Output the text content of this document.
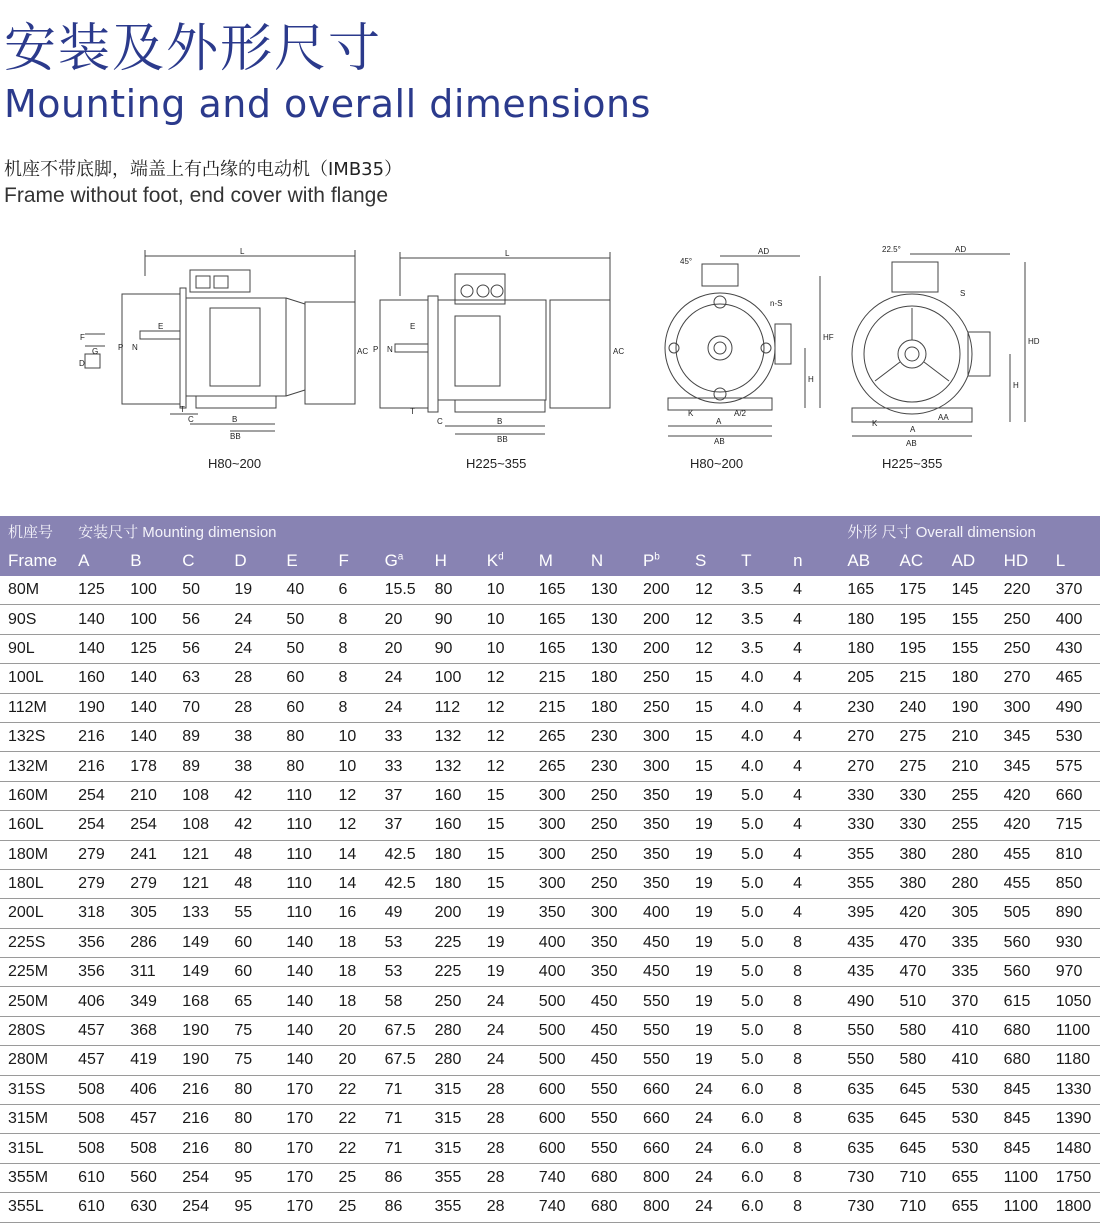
安装及外形尺寸
Mounting and overall dimensions
机座不带底脚，端盖上有凸缘的电动机（IMB35）
Frame without foot, end cover with flange
L
E
P N
F
G
D
C	B
BB
T
AC
L
E
P N
C	B
BB
T
AC
45°
AD
n-S
HF
H
K	A/2
A
AB
22.5°	AD
S
HD
H
K
A
AA
AB
H80~200	H225~355	H80~200	H225~355
机座号	安装尺寸 Mounting dimension															外形 尺寸 Overall dimension				
Frame	A	B	C	D	E	F	$G^a$	H	$K^d$	M	N	$P^b$	S	T	n	AB	AC	AD	HD	L
80M	125	100	50	19	40	6	15.5	80	10	165	130	200	12	3.5	4	165	175	145	220	370
90S	140	100	56	24	50	8	20	90	10	165	130	200	12	3.5	4	180	195	155	250	400
90L	140	125	56	24	50	8	20	90	10	165	130	200	12	3.5	4	180	195	155	250	430
100L	160	140	63	28	60	8	24	100	12	215	180	250	15	4.0	4	205	215	180	270	465
112M	190	140	70	28	60	8	24	112	12	215	180	250	15	4.0	4	230	240	190	300	490
132S	216	140	89	38	80	10	33	132	12	265	230	300	15	4.0	4	270	275	210	345	530
132M	216	178	89	38	80	10	33	132	12	265	230	300	15	4.0	4	270	275	210	345	575
160M	254	210	108	42	110	12	37	160	15	300	250	350	19	5.0	4	330	330	255	420	660
160L	254	254	108	42	110	12	37	160	15	300	250	350	19	5.0	4	330	330	255	420	715
180M	279	241	121	48	110	14	42.5	180	15	300	250	350	19	5.0	4	355	380	280	455	810
180L	279	279	121	48	110	14	42.5	180	15	300	250	350	19	5.0	4	355	380	280	455	850
200L	318	305	133	55	110	16	49	200	19	350	300	400	19	5.0	4	395	420	305	505	890
225S	356	286	149	60	140	18	53	225	19	400	350	450	19	5.0	8	435	470	335	560	930
225M	356	311	149	60	140	18	53	225	19	400	350	450	19	5.0	8	435	470	335	560	970
250M	406	349	168	65	140	18	58	250	24	500	450	550	19	5.0	8	490	510	370	615	1050
280S	457	368	190	75	140	20	67.5	280	24	500	450	550	19	5.0	8	550	580	410	680	1100
280M	457	419	190	75	140	20	67.5	280	24	500	450	550	19	5.0	8	550	580	410	680	1180
315S	508	406	216	80	170	22	71	315	28	600	550	660	24	6.0	8	635	645	530	845	1330
315M	508	457	216	80	170	22	71	315	28	600	550	660	24	6.0	8	635	645	530	845	1390
315L	508	508	216	80	170	22	71	315	28	600	550	660	24	6.0	8	635	645	530	845	1480
355M	610	560	254	95	170	25	86	355	28	740	680	800	24	6.0	8	730	710	655	1100	1750
355L	610	630	254	95	170	25	86	355	28	740	680	800	24	6.0	8	730	710	655	1100	1800
